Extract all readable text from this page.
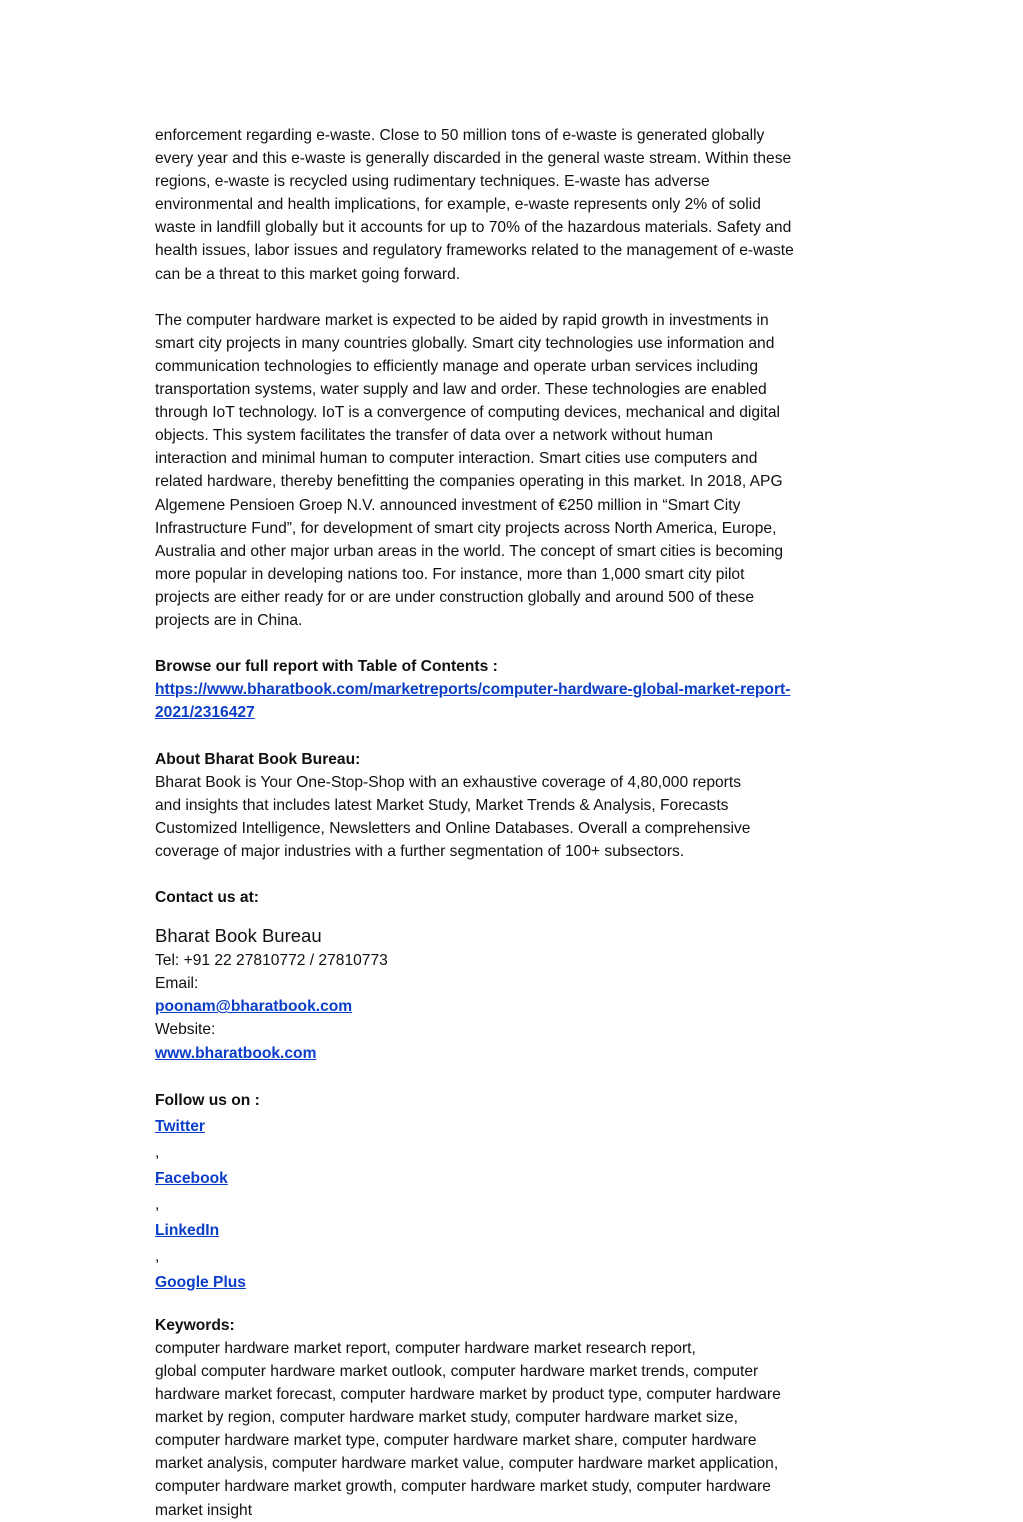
enforcement regarding e-waste. Close to 50 million tons of e-waste is generated globally
every year and this e-waste is generally discarded in the general waste stream. Within these
regions, e-waste is recycled using rudimentary techniques. E-waste has adverse
environmental and health implications, for example, e-waste represents only 2% of solid
waste in landfill globally but it accounts for up to 70% of the hazardous materials. Safety and
health issues, labor issues and regulatory frameworks related to the management of e-waste
can be a threat to this market going forward.
The computer hardware market is expected to be aided by rapid growth in investments in
smart city projects in many countries globally. Smart city technologies use information and
communication technologies to efficiently manage and operate urban services including
transportation systems, water supply and law and order. These technologies are enabled
through IoT technology. IoT is a convergence of computing devices, mechanical and digital
objects. This system facilitates the transfer of data over a network without human
interaction and minimal human to computer interaction. Smart cities use computers and
related hardware, thereby benefitting the companies operating in this market. In 2018, APG
Algemene Pensioen Groep N.V. announced investment of €250 million in “Smart City
Infrastructure Fund”, for development of smart city projects across North America, Europe,
Australia and other major urban areas in the world. The concept of smart cities is becoming
more popular in developing nations too. For instance, more than 1,000 smart city pilot
projects are either ready for or are under construction globally and around 500 of these
projects are in China.
Browse our full report with Table of Contents :
https://www.bharatbook.com/marketreports/computer-hardware-global-market-report-
2021/2316427
About Bharat Book Bureau:
Bharat Book is Your One-Stop-Shop with an exhaustive coverage of 4,80,000 reports
and insights that includes latest Market Study, Market Trends & Analysis, Forecasts
Customized Intelligence, Newsletters and Online Databases. Overall a comprehensive
coverage of major industries with a further segmentation of 100+ subsectors.
Contact us at:
Bharat Book Bureau
Tel: +91 22 27810772 / 27810773
Email:
poonam@bharatbook.com
Website:
www.bharatbook.com
Follow us on :
Twitter
,
Facebook
,
LinkedIn
,
Google Plus
Keywords:
computer hardware market report, computer hardware market research report,
global computer hardware market outlook, computer hardware market trends, computer
hardware market forecast, computer hardware market by product type, computer hardware
market by region, computer hardware market study, computer hardware market size,
computer hardware market type, computer hardware market share, computer hardware
market analysis, computer hardware market value, computer hardware market application,
computer hardware market growth, computer hardware market study, computer hardware
market insight
